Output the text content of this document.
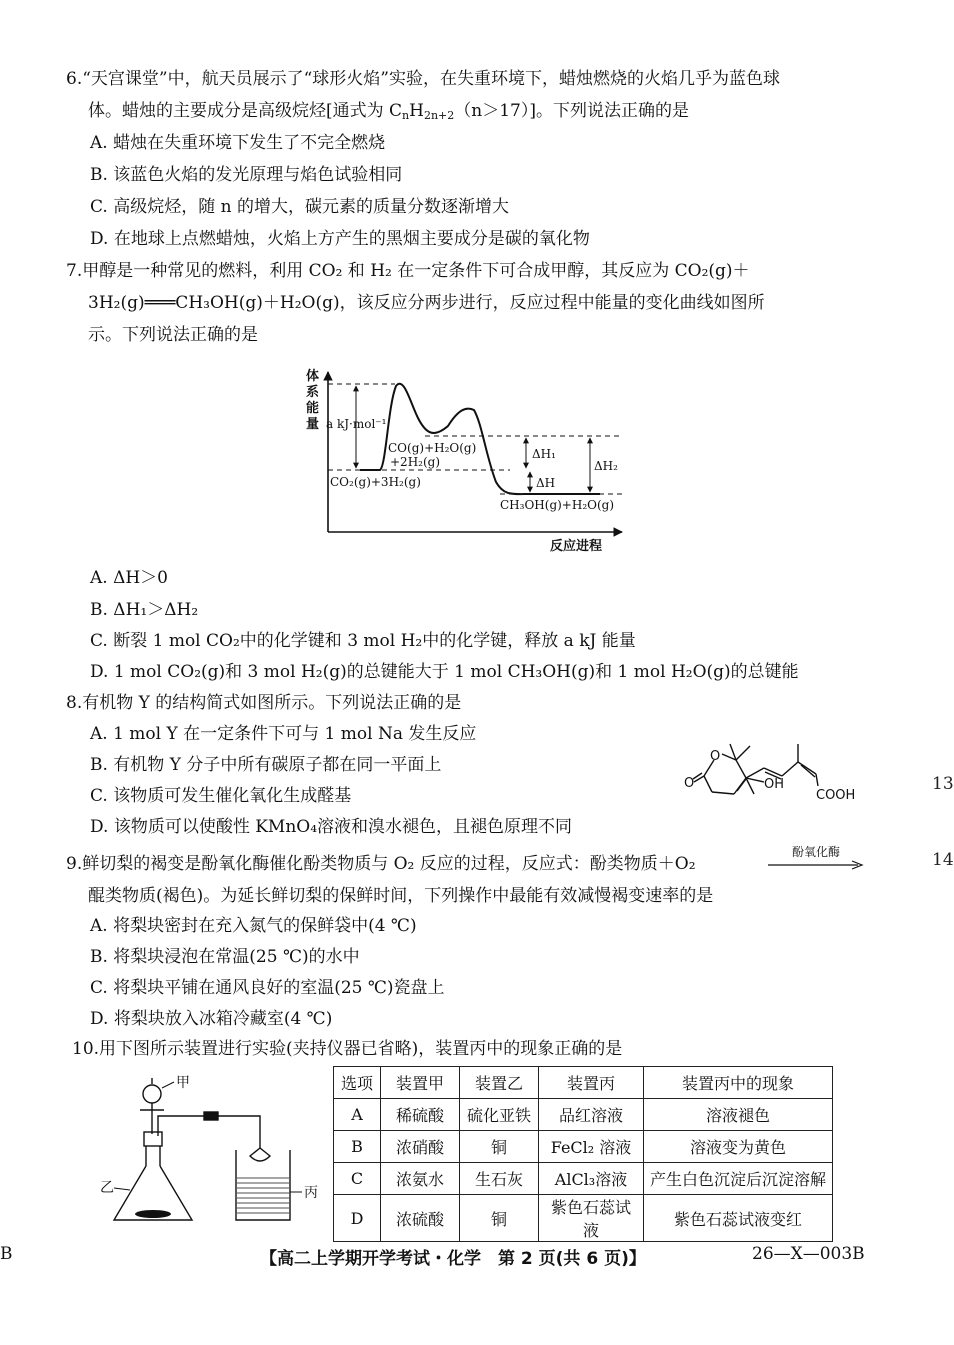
6.“天宫课堂”中，航天员展示了“球形火焰”实验，在失重环境下，蜡烛燃烧的火焰几乎为蓝色球
体。蜡烛的主要成分是高级烷烃[通式为 $C_nH_{2n+2}(n>17)$]。下列说法正确的是
A. 蜡烛在失重环境下发生了不完全燃烧
B. 该蓝色火焰的发光原理与焰色试验相同
C. 高级烷烃，随 n 的增大，碳元素的质量分数逐渐增大
D. 在地球上点燃蜡烛，火焰上方产生的黑烟主要成分是碳的氧化物
7.甲醇是一种常见的燃料，利用 CO₂ 和 H₂ 在一定条件下可合成甲醇，其反应为 CO₂(g)＋
3H₂(g)═══CH₃OH(g)＋H₂O(g)，该反应分两步进行，反应过程中能量的变化曲线如图所
示。下列说法正确的是
体
系
能
量
反应进程
a kJ·mol⁻¹
CO(g)+H₂O(g)
+2H₂(g)
CO₂(g)+3H₂(g)
CH₃OH(g)+H₂O(g)
ΔH₁
ΔH
ΔH₂
A. ΔH＞0
B. ΔH₁＞ΔH₂
C. 断裂 1 mol CO₂中的化学键和 3 mol H₂中的化学键，释放 a kJ 能量
D. 1 mol CO₂(g)和 3 mol H₂(g)的总键能大于 1 mol CH₃OH(g)和 1 mol H₂O(g)的总键能
8.有机物 Y 的结构简式如图所示。下列说法正确的是
A. 1 mol Y 在一定条件下可与 1 mol Na 发生反应
B. 有机物 Y 分子中所有碳原子都在同一平面上
C. 该物质可发生催化氧化生成醛基
D. 该物质可以使酸性 KMnO₄溶液和溴水褪色，且褪色原理不同
O
O	OH
COOH
9.鲜切梨的褐变是酚氧化酶催化酚类物质与 O₂ 反应的过程，反应式：酚类物质＋O₂
酚氧化酶
醌类物质(褐色)。为延长鲜切梨的保鲜时间，下列操作中最能有效减慢褐变速率的是
A. 将梨块密封在充入氮气的保鲜袋中(4 ℃)
B. 将梨块浸泡在常温(25 ℃)的水中
C. 将梨块平铺在通风良好的室温(25 ℃)瓷盘上
D. 将梨块放入冰箱冷藏室(4 ℃)
10.用下图所示装置进行实验(夹持仪器已省略)，装置丙中的现象正确的是
甲
乙	丙
选项	装置甲	装置乙	装置丙	装置丙中的现象
A	稀硫酸	硫化亚铁	品红溶液	溶液褪色
B	浓硝酸	铜	FeCl₂ 溶液	溶液变为黄色
C	浓氨水	生石灰	AlCl₃溶液	产生白色沉淀后沉淀溶解
D	浓硫酸	铜	紫色石蕊试液	紫色石蕊试液变红
13
14
B	【高二上学期开学考试・化学　第 2 页(共 6 页)】	26—X—003B
